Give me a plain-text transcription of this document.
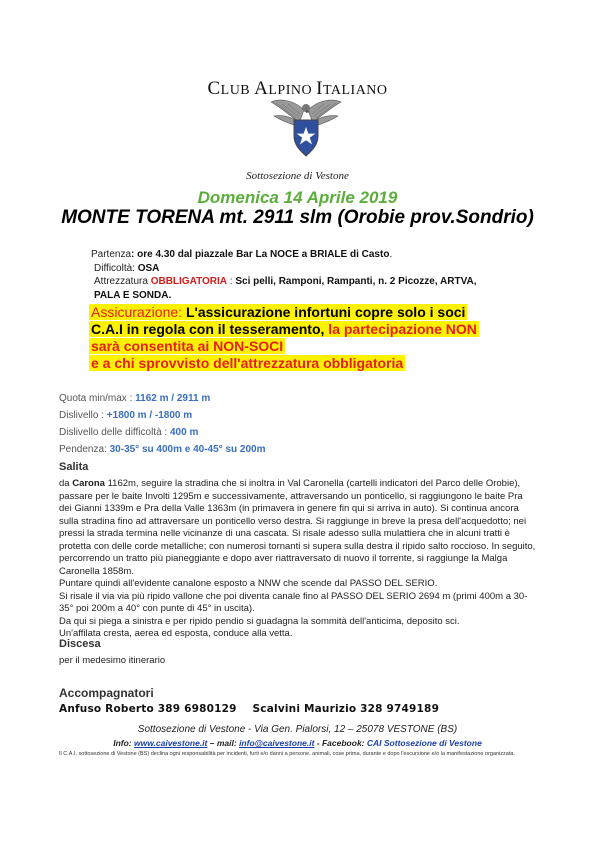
CLUB ALPINO ITALIANO
Sottosezione di Vestone
Domenica 14 Aprile 2019
MONTE TORENA mt. 2911 slm (Orobie prov.Sondrio)
Partenza: ore 4.30 dal piazzale Bar La NOCE a BRIALE di Casto.
Difficoltà: OSA
Attrezzatura OBBLIGATORIA : Sci pelli, Ramponi, Rampanti, n. 2 Picozze, ARTVA,
PALA E SONDA.
Assicurazione: L'assicurazione infortuni copre solo i soci
C.A.I in regola con il tesseramento, la partecipazione NON
sarà consentita ai NON-SOCI
e a chi sprovvisto dell'attrezzatura obbligatoria
Quota min/max : 1162 m / 2911 m
Dislivello : +1800 m / -1800 m
Dislivello delle difficoltà : 400 m
Pendenza: 30-35° su 400m e 40-45° su 200m
Salita
da Carona 1162m, seguire la stradina che si inoltra in Val Caronella (cartelli indicatori del Parco delle Orobie), passare per le baite Involti 1295m e successivamente, attraversando un ponticello, si raggiungono le baite Pra dei Gianni 1339m e Pra della Valle 1363m (in primavera in genere fin qui si arriva in auto). Si continua ancora sulla stradina fino ad attraversare un ponticello verso destra. Si raggiunge in breve la presa dell'acquedotto; nei pressi la strada termina nelle vicinanze di una cascata. Si risale adesso sulla mulattiera che in alcuni tratti è protetta con delle corde metalliche; con numerosi tornanti si supera sulla destra il ripido salto roccioso. In seguito, percorrendo un tratto più pianeggiante e dopo aver riattraversato di nuovo il torrente, si raggiunge la Malga Caronella 1858m.
Puntare quindi all'evidente canalone esposto a NNW che scende dal PASSO DEL SERIO.
Si risale il via via più ripido vallone che poi diventa canale fino al PASSO DEL SERIO 2694 m (primi 400m a 30-35° poi 200m a 40° con punte di 45° in uscita).
Da qui si piega a sinistra e per ripido pendio si guadagna la sommità dell'anticima, deposito sci.
Un'affilata cresta, aerea ed esposta, conduce alla vetta.
Discesa
per il medesimo itinerario
Accompagnatori
Anfuso Roberto 389 6980129 Scalvini Maurizio 328 9749189
Sottosezione di Vestone - Via Gen. Pialorsi, 12 – 25078 VESTONE (BS)
Info: www.caivestone.it – mail: info@caivestone.it - Facebook: CAI Sottosezione di Vestone
Il C.A.I. sottosezione di Vestone (BS) declina ogni responsabilità per incidenti, furti e/o danni a persone, animali, cose prima, durante e dopo l'escursione e/o la manifestazione organizzata.
